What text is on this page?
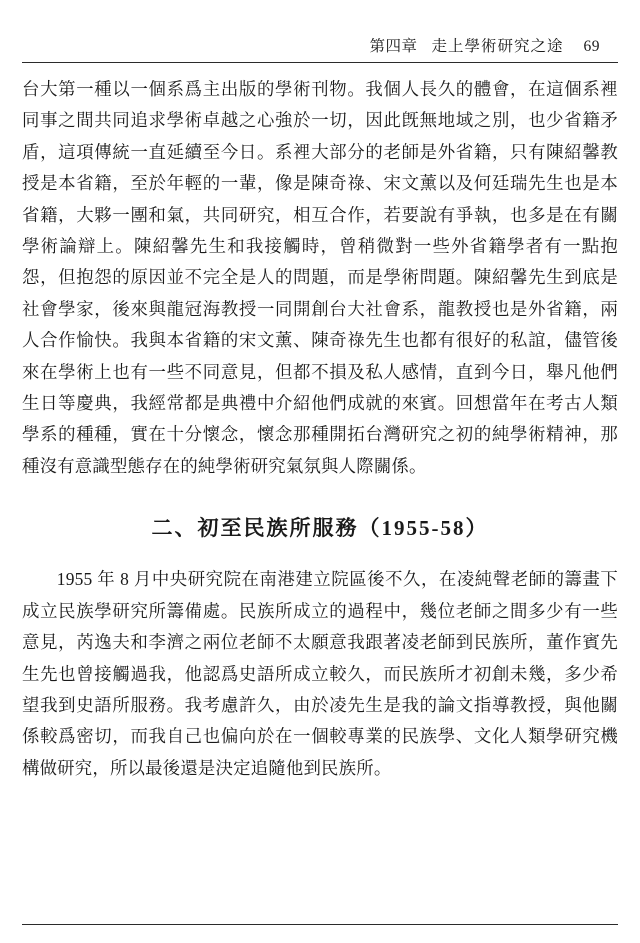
第四章 走上學術研究之途 69

台大第一種以一個系爲主出版的學術刊物。我個人長久的體會，在這個系裡同事之間共同追求學術卓越之心強於一切，因此旣無地域之別，也少省籍矛盾，這項傳統一直延續至今日。系裡大部分的老師是外省籍，只有陳紹馨教授是本省籍，至於年輕的一輩，像是陳奇祿、宋文薰以及何廷瑞先生也是本省籍，大夥一團和氣，共同研究，相互合作，若要說有爭執，也多是在有關學術論辯上。陳紹馨先生和我接觸時，曾稍微對一些外省籍學者有一點抱怨，但抱怨的原因並不完全是人的問題，而是學術問題。陳紹馨先生到底是社會學家，後來與龍冠海教授一同開創台大社會系，龍教授也是外省籍，兩人合作愉快。我與本省籍的宋文薰、陳奇祿先生也都有很好的私誼，儘管後來在學術上也有一些不同意見，但都不損及私人感情，直到今日，舉凡他們生日等慶典，我經常都是典禮中介紹他們成就的來賓。回想當年在考古人類學系的種種，實在十分懷念，懷念那種開拓台灣研究之初的純學術精神，那種沒有意識型態存在的純學術研究氣氛與人際關係。

二、初至民族所服務（1955-58）

1955 年 8 月中央研究院在南港建立院區後不久，在凌純聲老師的籌畫下成立民族學研究所籌備處。民族所成立的過程中，幾位老師之間多少有一些意見，芮逸夫和李濟之兩位老師不太願意我跟著凌老師到民族所，董作賓先生先也曾接觸過我，他認爲史語所成立較久，而民族所才初創未幾，多少希望我到史語所服務。我考慮許久，由於凌先生是我的論文指導教授，與他關係較爲密切，而我自己也偏向於在一個較專業的民族學、文化人類學研究機構做研究，所以最後還是決定追隨他到民族所。
